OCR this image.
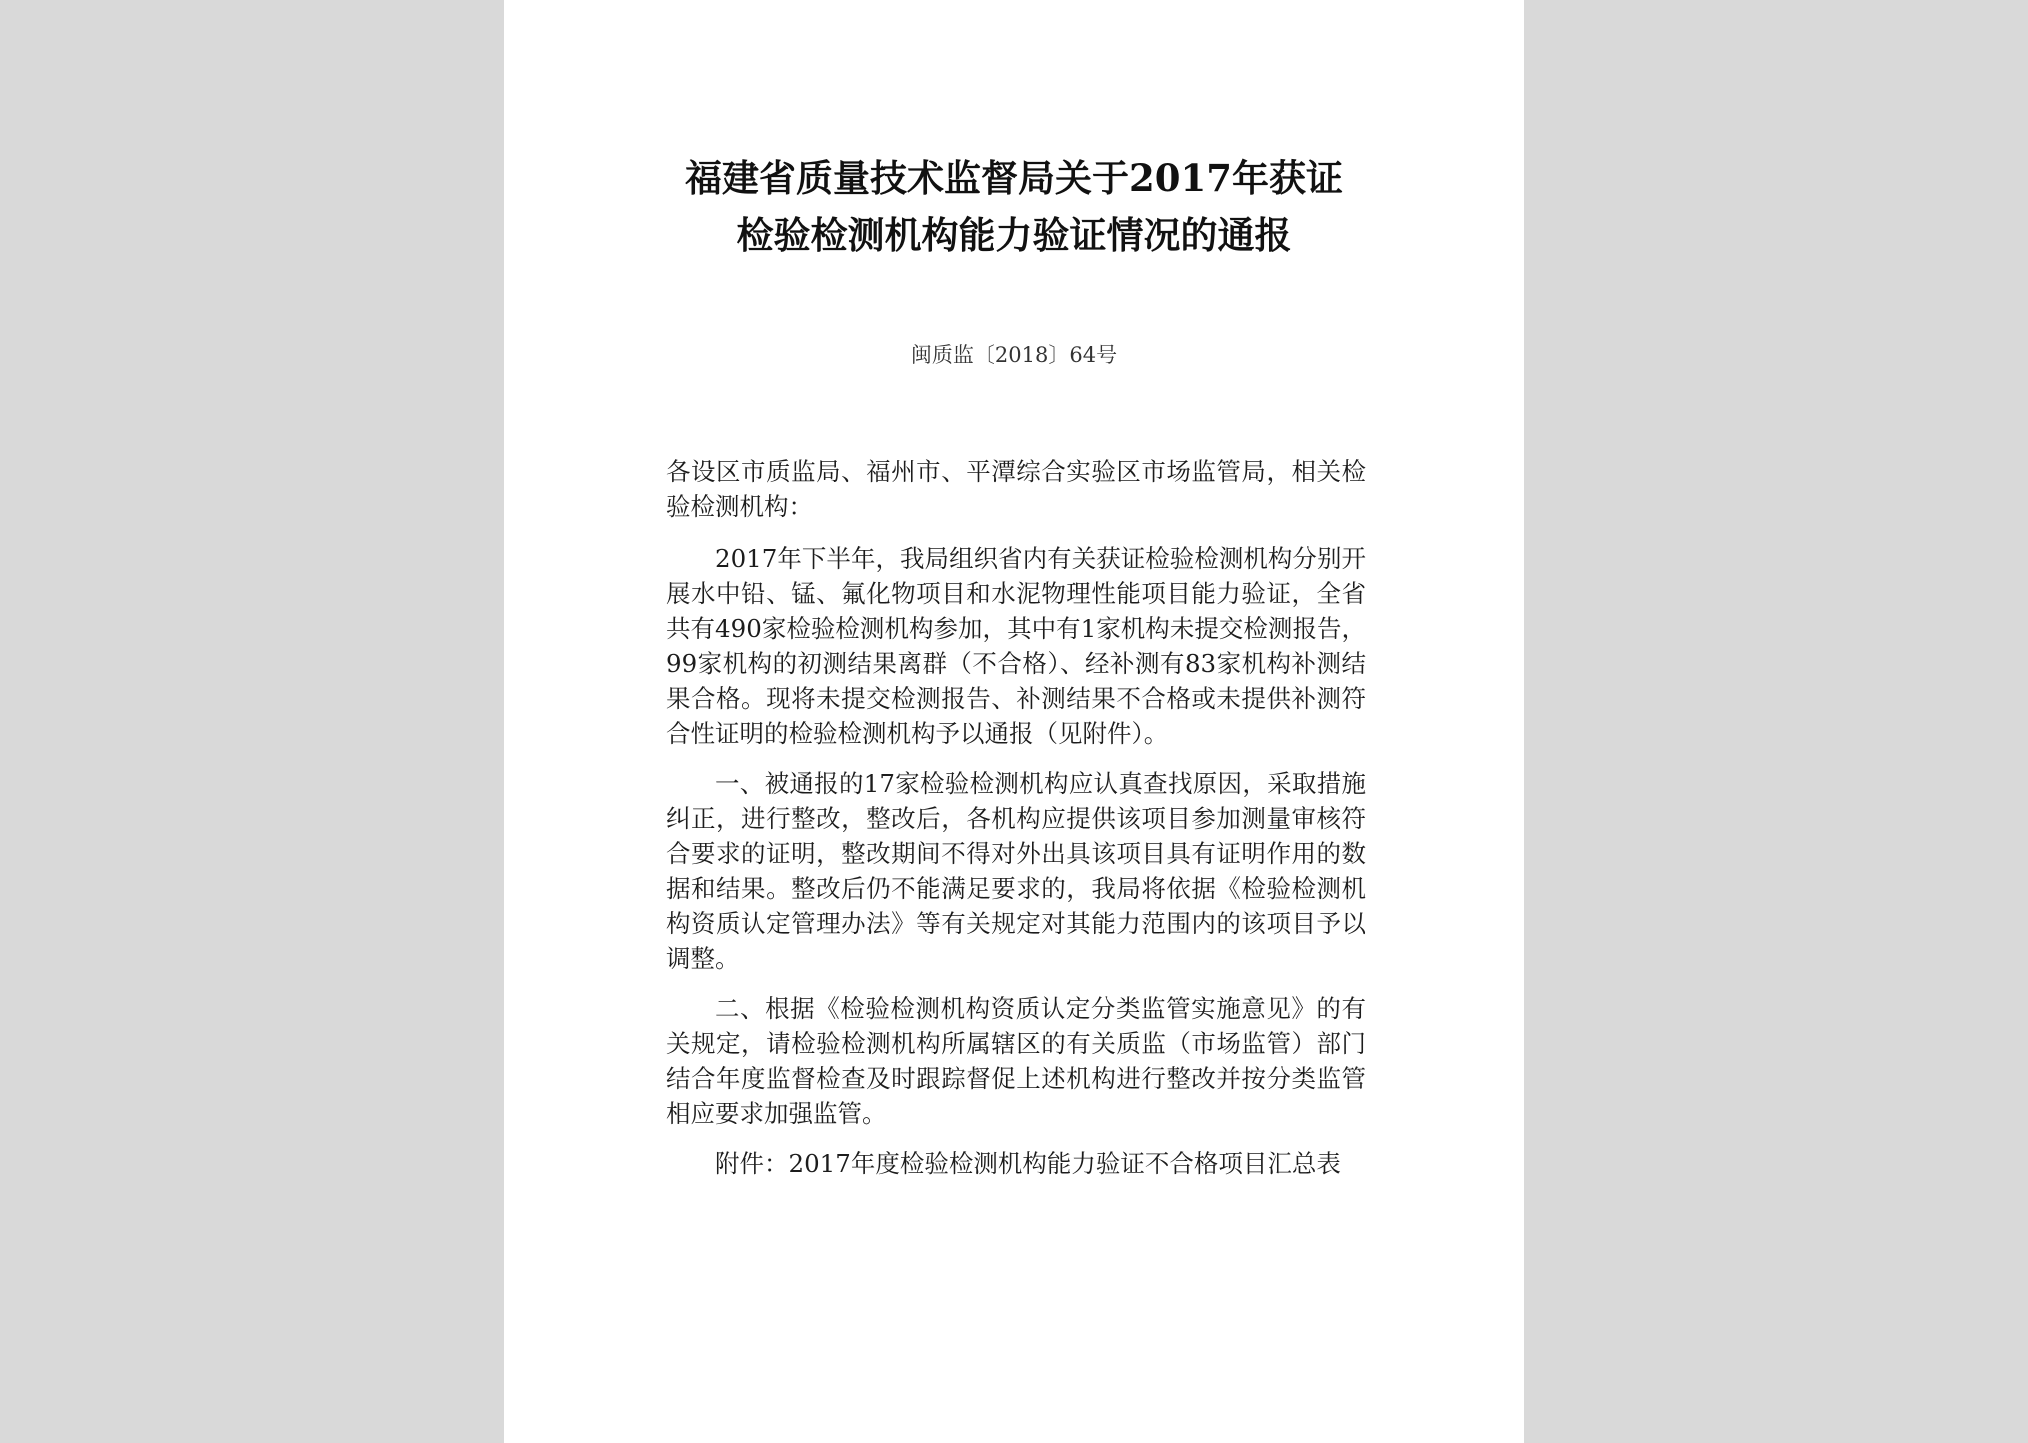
福建省质量技术监督局关于2017年获证
检验检测机构能力验证情况的通报
闽质监〔2018〕64号

各设区市质监局、福州市、平潭综合实验区市场监管局，相关检验检测机构：

2017年下半年，我局组织省内有关获证检验检测机构分别开展水中铅、锰、氟化物项目和水泥物理性能项目能力验证，全省共有490家检验检测机构参加，其中有1家机构未提交检测报告，99家机构的初测结果离群（不合格）、经补测有83家机构补测结果合格。现将未提交检测报告、补测结果不合格或未提供补测符合性证明的检验检测机构予以通报（见附件）。

一、被通报的17家检验检测机构应认真查找原因，采取措施纠正，进行整改，整改后，各机构应提供该项目参加测量审核符合要求的证明，整改期间不得对外出具该项目具有证明作用的数据和结果。整改后仍不能满足要求的，我局将依据《检验检测机构资质认定管理办法》等有关规定对其能力范围内的该项目予以调整。

二、根据《检验检测机构资质认定分类监管实施意见》的有关规定，请检验检测机构所属辖区的有关质监（市场监管）部门结合年度监督检查及时跟踪督促上述机构进行整改并按分类监管相应要求加强监管。

附件：2017年度检验检测机构能力验证不合格项目汇总表
